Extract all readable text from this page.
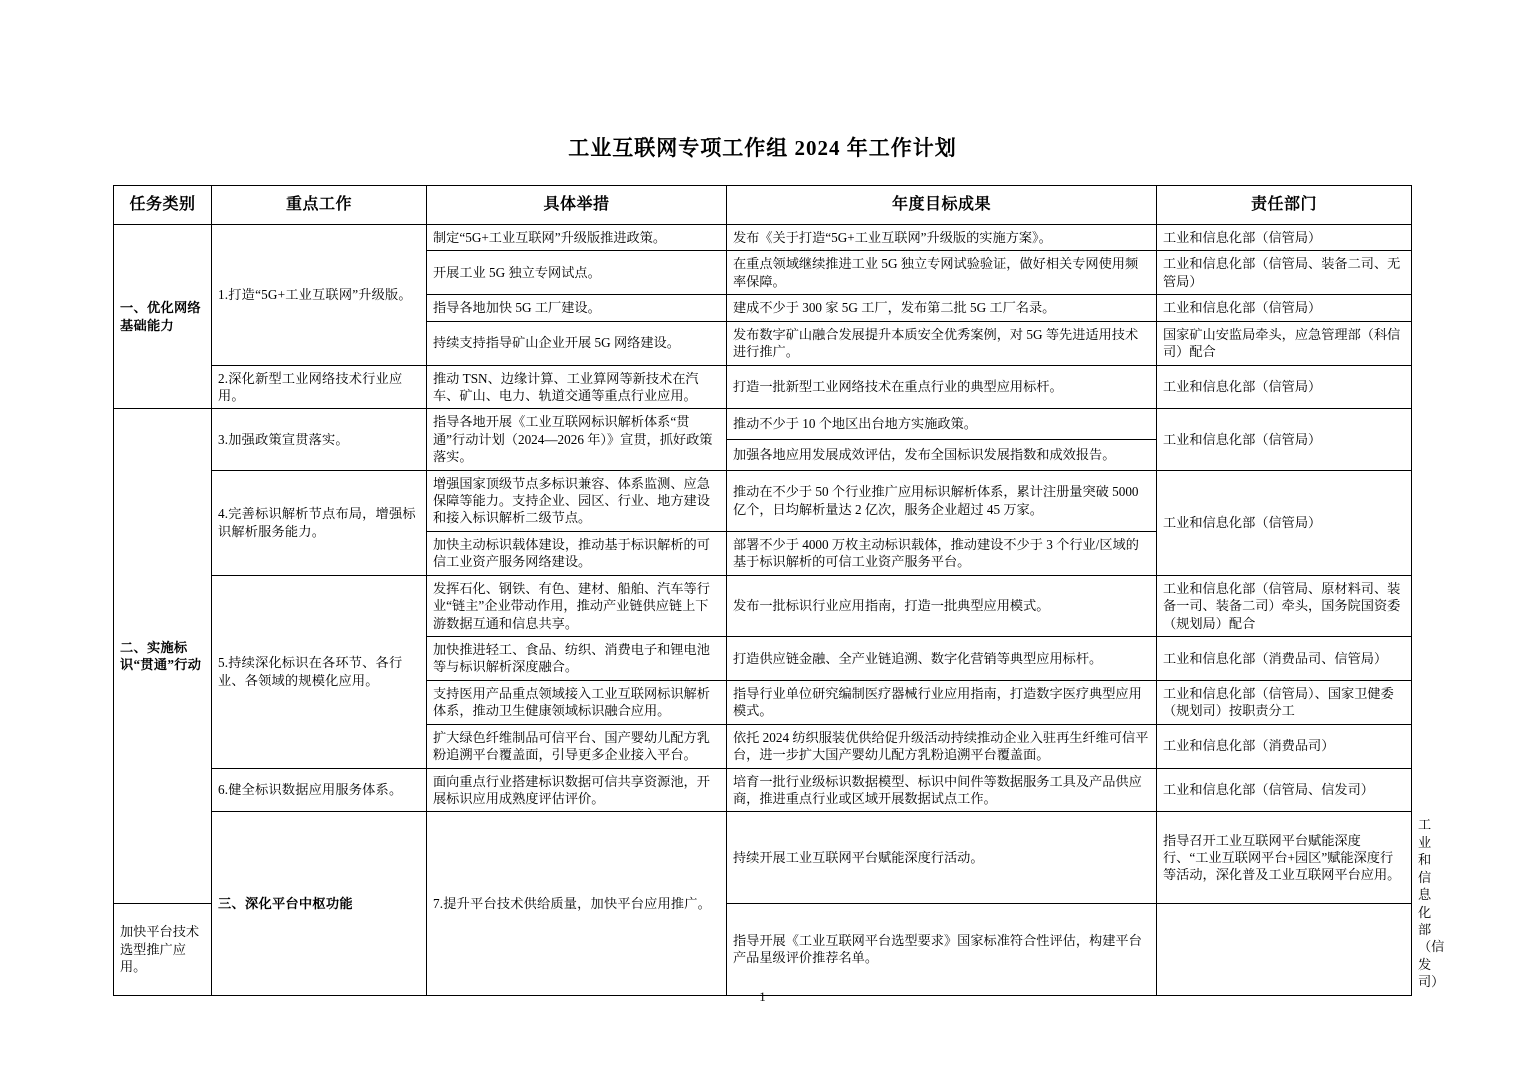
工业互联网专项工作组 2024 年工作计划
任务类别	重点工作	具体举措	年度目标成果	责任部门	
一、优化网络基础能力	1.打造“5G+工业互联网”升级版。	制定“5G+工业互联网”升级版推进政策。	发布《关于打造“5G+工业互联网”升级版的实施方案》。	工业和信息化部（信管局）	
		开展工业 5G 独立专网试点。	在重点领域继续推进工业 5G 独立专网试验验证，做好相关专网使用频率保障。	工业和信息化部（信管局、装备二司、无管局）	
		指导各地加快 5G 工厂建设。	建成不少于 300 家 5G 工厂，发布第二批 5G 工厂名录。	工业和信息化部（信管局）	
		持续支持指导矿山企业开展 5G 网络建设。	发布数字矿山融合发展提升本质安全优秀案例，对 5G 等先进适用技术进行推广。	国家矿山安监局牵头，应急管理部（科信司）配合	
	2.深化新型工业网络技术行业应用。	推动 TSN、边缘计算、工业算网等新技术在汽车、矿山、电力、轨道交通等重点行业应用。	打造一批新型工业网络技术在重点行业的典型应用标杆。	工业和信息化部（信管局）	
二、实施标识“贯通”行动	3.加强政策宣贯落实。	指导各地开展《工业互联网标识解析体系“贯通”行动计划（2024—2026 年）》宣贯，抓好政策落实。	推动不少于 10 个地区出台地方实施政策。	工业和信息化部（信管局）	
			加强各地应用发展成效评估，发布全国标识发展指数和成效报告。		
	4.完善标识解析节点布局，增强标识解析服务能力。	增强国家顶级节点多标识兼容、体系监测、应急保障等能力。支持企业、园区、行业、地方建设和接入标识解析二级节点。	推动在不少于 50 个行业推广应用标识解析体系，累计注册量突破 5000 亿个，日均解析量达 2 亿次，服务企业超过 45 万家。	工业和信息化部（信管局）	
		加快主动标识载体建设，推动基于标识解析的可信工业资产服务网络建设。	部署不少于 4000 万枚主动标识载体，推动建设不少于 3 个行业/区域的基于标识解析的可信工业资产服务平台。		
	5.持续深化标识在各环节、各行业、各领域的规模化应用。	发挥石化、钢铁、有色、建材、船舶、汽车等行业“链主”企业带动作用，推动产业链供应链上下游数据互通和信息共享。	发布一批标识行业应用指南，打造一批典型应用模式。	工业和信息化部（信管局、原材料司、装备一司、装备二司）牵头，国务院国资委（规划局）配合	
		加快推进轻工、食品、纺织、消费电子和锂电池等与标识解析深度融合。	打造供应链金融、全产业链追溯、数字化营销等典型应用标杆。	工业和信息化部（消费品司、信管局）	
		支持医用产品重点领域接入工业互联网标识解析体系，推动卫生健康领域标识融合应用。	指导行业单位研究编制医疗器械行业应用指南，打造数字医疗典型应用模式。	工业和信息化部（信管局）、国家卫健委（规划司）按职责分工	
		扩大绿色纤维制品可信平台、国产婴幼儿配方乳粉追溯平台覆盖面，引导更多企业接入平台。	依托 2024 纺织服装优供给促升级活动持续推动企业入驻再生纤维可信平台，进一步扩大国产婴幼儿配方乳粉追溯平台覆盖面。	工业和信息化部（消费品司）	
	6.健全标识数据应用服务体系。	面向重点行业搭建标识数据可信共享资源池，开展标识应用成熟度评估评价。	培育一批行业级标识数据模型、标识中间件等数据服务工具及产品供应商，推进重点行业或区域开展数据试点工作。	工业和信息化部（信管局、信发司）	
	三、深化平台中枢功能	7.提升平台技术供给质量，加快平台应用推广。	持续开展工业互联网平台赋能深度行活动。	指导召开工业互联网平台赋能深度行、“工业互联网平台+园区”赋能深度行等活动，深化普及工业互联网平台应用。	工业和信息化部（信发司）
加快平台技术选型推广应用。			指导开展《工业互联网平台选型要求》国家标准符合性评估，构建平台产品星级评价推荐名单。		
1
